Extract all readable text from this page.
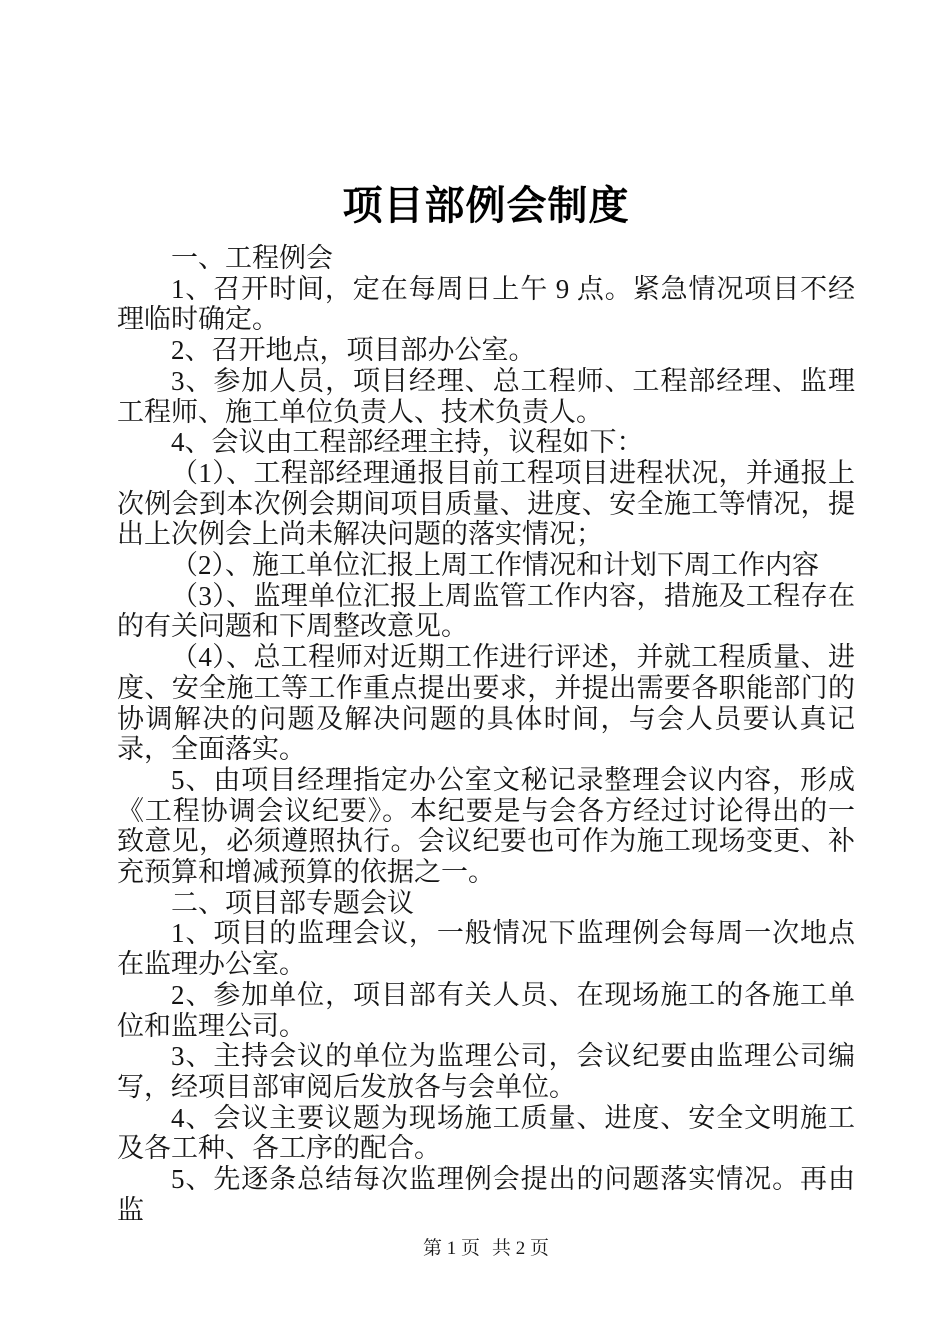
项目部例会制度

一、工程例会

1、召开时间，定在每周日上午 9 点。紧急情况项目不经理临时确定。

2、召开地点，项目部办公室。

3、参加人员，项目经理、总工程师、工程部经理、监理工程师、施工单位负责人、技术负责人。

4、会议由工程部经理主持，议程如下：

（1）、工程部经理通报目前工程项目进程状况，并通报上次例会到本次例会期间项目质量、进度、安全施工等情况，提出上次例会上尚未解决问题的落实情况；

（2）、施工单位汇报上周工作情况和计划下周工作内容

（3）、监理单位汇报上周监管工作内容，措施及工程存在的有关问题和下周整改意见。

（4）、总工程师对近期工作进行评述，并就工程质量、进度、安全施工等工作重点提出要求，并提出需要各职能部门的协调解决的问题及解决问题的具体时间，与会人员要认真记录，全面落实。

5、由项目经理指定办公室文秘记录整理会议内容，形成《工程协调会议纪要》。本纪要是与会各方经过讨论得出的一致意见，必须遵照执行。会议纪要也可作为施工现场变更、补充预算和增减预算的依据之一。

二、项目部专题会议

1、项目的监理会议，一般情况下监理例会每周一次地点在监理办公室。

2、参加单位，项目部有关人员、在现场施工的各施工单位和监理公司。

3、主持会议的单位为监理公司，会议纪要由监理公司编写，经项目部审阅后发放各与会单位。

4、会议主要议题为现场施工质量、进度、安全文明施工及各工种、各工序的配合。

5、先逐条总结每次监理例会提出的问题落实情况。再由监

第 1 页 共 2 页
